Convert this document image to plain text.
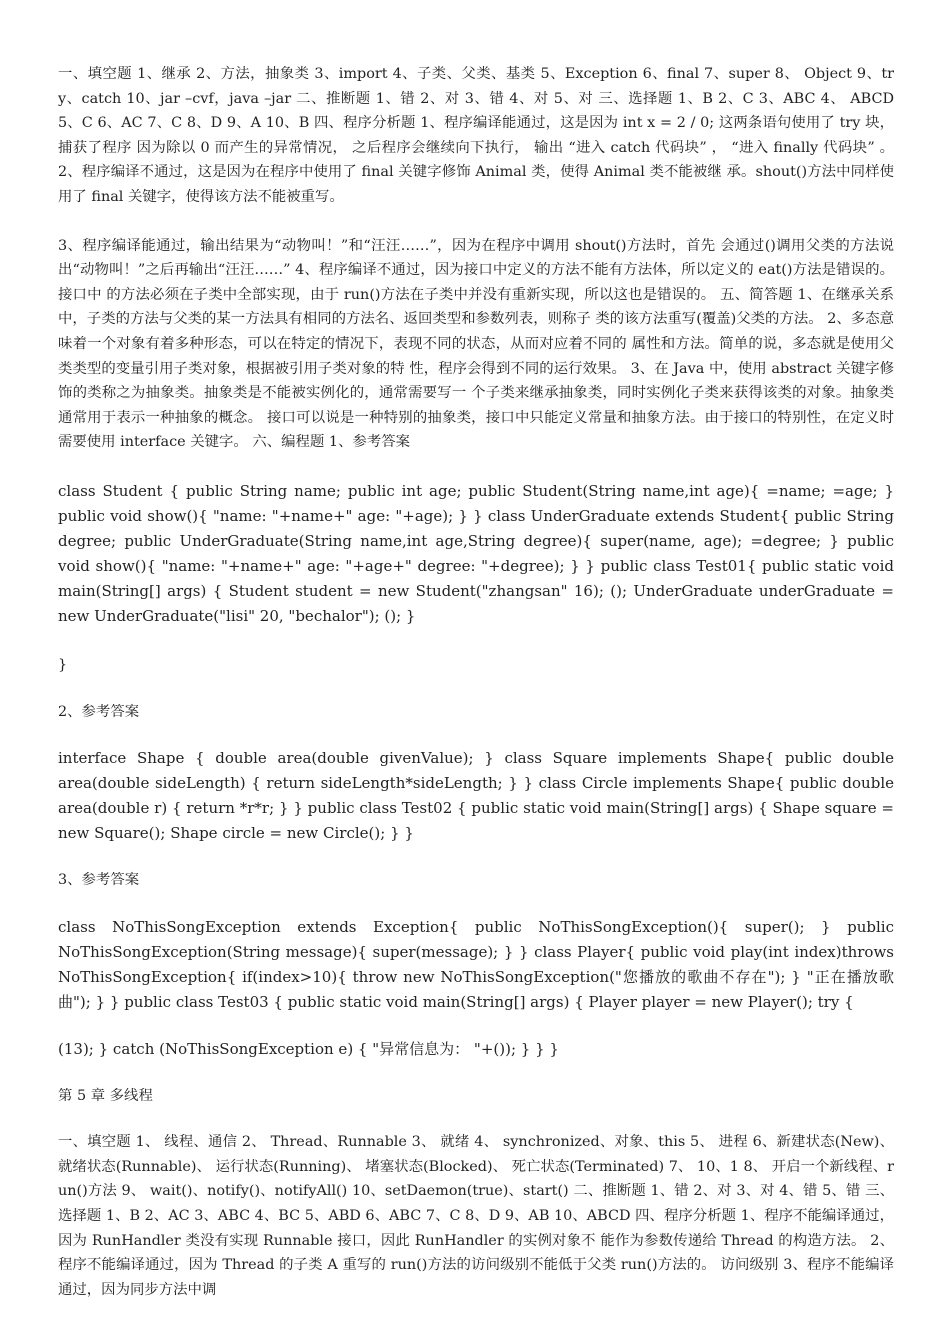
一、填空题 1、继承 2、方法，抽象类 3、import 4、子类、父类、基类 5、Exception 6、final 7、super 8、 Object 9、try、catch 10、jar –cvf，java –jar 二、推断题 1、错 2、对 3、错 4、对 5、对 三、选择题 1、B 2、C 3、ABC 4、 ABCD 5、C 6、AC 7、C 8、D 9、A 10、B 四、程序分析题 1、程序编译能通过，这是因为 int x = 2 / 0; 这两条语句使用了 try 块，捕获了程序 因为除以 0 而产生的异常情况， 之后程序会继续向下执行， 输出 “进入 catch 代码块” ， “进入 finally 代码块” 。 2、程序编译不通过，这是因为在程序中使用了 final 关键字修饰 Animal 类，使得 Animal 类不能被继 承。shout()方法中同样使用了 final 关键字，使得该方法不能被重写。

3、程序编译能通过，输出结果为“动物叫！”和“汪汪……”，因为在程序中调用 shout()方法时，首先 会通过()调用父类的方法说出“动物叫！”之后再输出“汪汪……” 4、程序编译不通过，因为接口中定义的方法不能有方法体，所以定义的 eat()方法是错误的。接口中 的方法必须在子类中全部实现，由于 run()方法在子类中并没有重新实现，所以这也是错误的。 五、简答题 1、在继承关系中，子类的方法与父类的某一方法具有相同的方法名、返回类型和参数列表，则称子 类的该方法重写(覆盖)父类的方法。 2、多态意味着一个对象有着多种形态，可以在特定的情况下，表现不同的状态，从而对应着不同的 属性和方法。简单的说，多态就是使用父类类型的变量引用子类对象，根据被引用子类对象的特 性，程序会得到不同的运行效果。 3、在 Java 中，使用 abstract 关键字修饰的类称之为抽象类。抽象类是不能被实例化的，通常需要写一 个子类来继承抽象类，同时实例化子类来获得该类的对象。抽象类通常用于表示一种抽象的概念。 接口可以说是一种特别的抽象类，接口中只能定义常量和抽象方法。由于接口的特别性，在定义时需要使用 interface 关键字。 六、编程题 1、参考答案

class Student { public String name; public int age; public Student(String name,int age){ =name; =age; } public void show(){ "name: "+name+" age: "+age); } } class UnderGraduate extends Student{ public String degree; public UnderGraduate(String name,int age,String degree){ super(name, age); =degree; } public void show(){ "name: "+name+" age: "+age+" degree: "+degree); } } public class Test01{ public static void main(String[] args) { Student student = new Student("zhangsan" 16); (); UnderGraduate underGraduate = new UnderGraduate("lisi" 20, "bechalor"); (); }

}

2、参考答案

interface Shape { double area(double givenValue); } class Square implements Shape{ public double area(double sideLength) { return sideLength*sideLength; } } class Circle implements Shape{ public double area(double r) { return *r*r; } } public class Test02 { public static void main(String[] args) { Shape square = new Square(); Shape circle = new Circle(); } }

3、参考答案

class NoThisSongException extends Exception{ public NoThisSongException(){ super(); } public NoThisSongException(String message){ super(message); } } class Player{ public void play(int index)throws NoThisSongException{ if(index>10){ throw new NoThisSongException("您播放的歌曲不存在"); } "正在播放歌曲"); } } public class Test03 { public static void main(String[] args) { Player player = new Player(); try {

(13); } catch (NoThisSongException e) { "异常信息为： "+()); } } }

第 5 章 多线程

一、填空题 1、 线程、通信 2、 Thread、Runnable 3、 就绪 4、 synchronized、对象、this 5、 进程 6、新建状态(New)、 就绪状态(Runnable)、 运行状态(Running)、 堵塞状态(Blocked)、 死亡状态(Terminated) 7、 10、1 8、 开启一个新线程、run()方法 9、 wait()、notify()、notifyAll() 10、setDaemon(true)、start() 二、推断题 1、错 2、对 3、对 4、错 5、错 三、选择题 1、B 2、AC 3、ABC 4、BC 5、ABD 6、ABC 7、C 8、D 9、AB 10、ABCD 四、程序分析题 1、程序不能编译通过，因为 RunHandler 类没有实现 Runnable 接口，因此 RunHandler 的实例对象不 能作为参数传递给 Thread 的构造方法。 2、程序不能编译通过，因为 Thread 的子类 A 重写的 run()方法的访问级别不能低于父类 run()方法的。 访问级别 3、程序不能编译通过，因为同步方法中调
